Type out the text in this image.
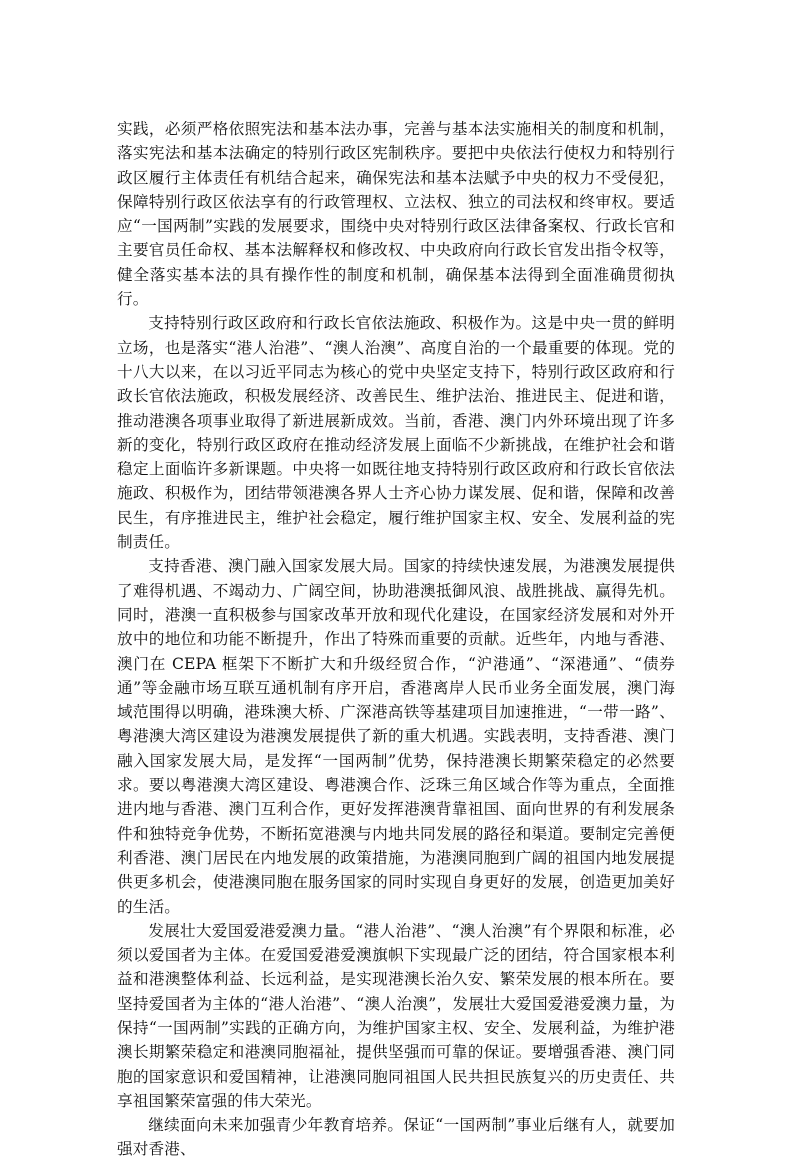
实践，必须严格依照宪法和基本法办事，完善与基本法实施相关的制度和机制，落实宪法和基本法确定的特别行政区宪制秩序。要把中央依法行使权力和特别行政区履行主体责任有机结合起来，确保宪法和基本法赋予中央的权力不受侵犯，保障特别行政区依法享有的行政管理权、立法权、独立的司法权和终审权。要适应“一国两制”实践的发展要求，围绕中央对特别行政区法律备案权、行政长官和主要官员任命权、基本法解释权和修改权、中央政府向行政长官发出指令权等，健全落实基本法的具有操作性的制度和机制，确保基本法得到全面准确贯彻执行。

支持特别行政区政府和行政长官依法施政、积极作为。这是中央一贯的鲜明立场，也是落实“港人治港”、“澳人治澳”、高度自治的一个最重要的体现。党的十八大以来，在以习近平同志为核心的党中央坚定支持下，特别行政区政府和行政长官依法施政，积极发展经济、改善民生、维护法治、推进民主、促进和谐，推动港澳各项事业取得了新进展新成效。当前，香港、澳门内外环境出现了许多新的变化，特别行政区政府在推动经济发展上面临不少新挑战，在维护社会和谐稳定上面临许多新课题。中央将一如既往地支持特别行政区政府和行政长官依法施政、积极作为，团结带领港澳各界人士齐心协力谋发展、促和谐，保障和改善民生，有序推进民主，维护社会稳定，履行维护国家主权、安全、发展利益的宪制责任。

支持香港、澳门融入国家发展大局。国家的持续快速发展，为港澳发展提供了难得机遇、不竭动力、广阔空间，协助港澳抵御风浪、战胜挑战、赢得先机。同时，港澳一直积极参与国家改革开放和现代化建设，在国家经济发展和对外开放中的地位和功能不断提升，作出了特殊而重要的贡献。近些年，内地与香港、澳门在 CEPA 框架下不断扩大和升级经贸合作，“沪港通”、“深港通”、“债券通”等金融市场互联互通机制有序开启，香港离岸人民币业务全面发展，澳门海域范围得以明确，港珠澳大桥、广深港高铁等基建项目加速推进，“一带一路”、粤港澳大湾区建设为港澳发展提供了新的重大机遇。实践表明，支持香港、澳门融入国家发展大局，是发挥“一国两制”优势，保持港澳长期繁荣稳定的必然要求。要以粤港澳大湾区建设、粤港澳合作、泛珠三角区域合作等为重点，全面推进内地与香港、澳门互利合作，更好发挥港澳背靠祖国、面向世界的有利发展条件和独特竞争优势，不断拓宽港澳与内地共同发展的路径和渠道。要制定完善便利香港、澳门居民在内地发展的政策措施，为港澳同胞到广阔的祖国内地发展提供更多机会，使港澳同胞在服务国家的同时实现自身更好的发展，创造更加美好的生活。

发展壮大爱国爱港爱澳力量。“港人治港”、“澳人治澳”有个界限和标准，必须以爱国者为主体。在爱国爱港爱澳旗帜下实现最广泛的团结，符合国家根本利益和港澳整体利益、长远利益，是实现港澳长治久安、繁荣发展的根本所在。要坚持爱国者为主体的“港人治港”、“澳人治澳”，发展壮大爱国爱港爱澳力量，为保持“一国两制”实践的正确方向，为维护国家主权、安全、发展利益，为维护港澳长期繁荣稳定和港澳同胞福祉，提供坚强而可靠的保证。要增强香港、澳门同胞的国家意识和爱国精神，让港澳同胞同祖国人民共担民族复兴的历史责任、共享祖国繁荣富强的伟大荣光。

继续面向未来加强青少年教育培养。保证“一国两制”事业后继有人，就要加强对香港、
